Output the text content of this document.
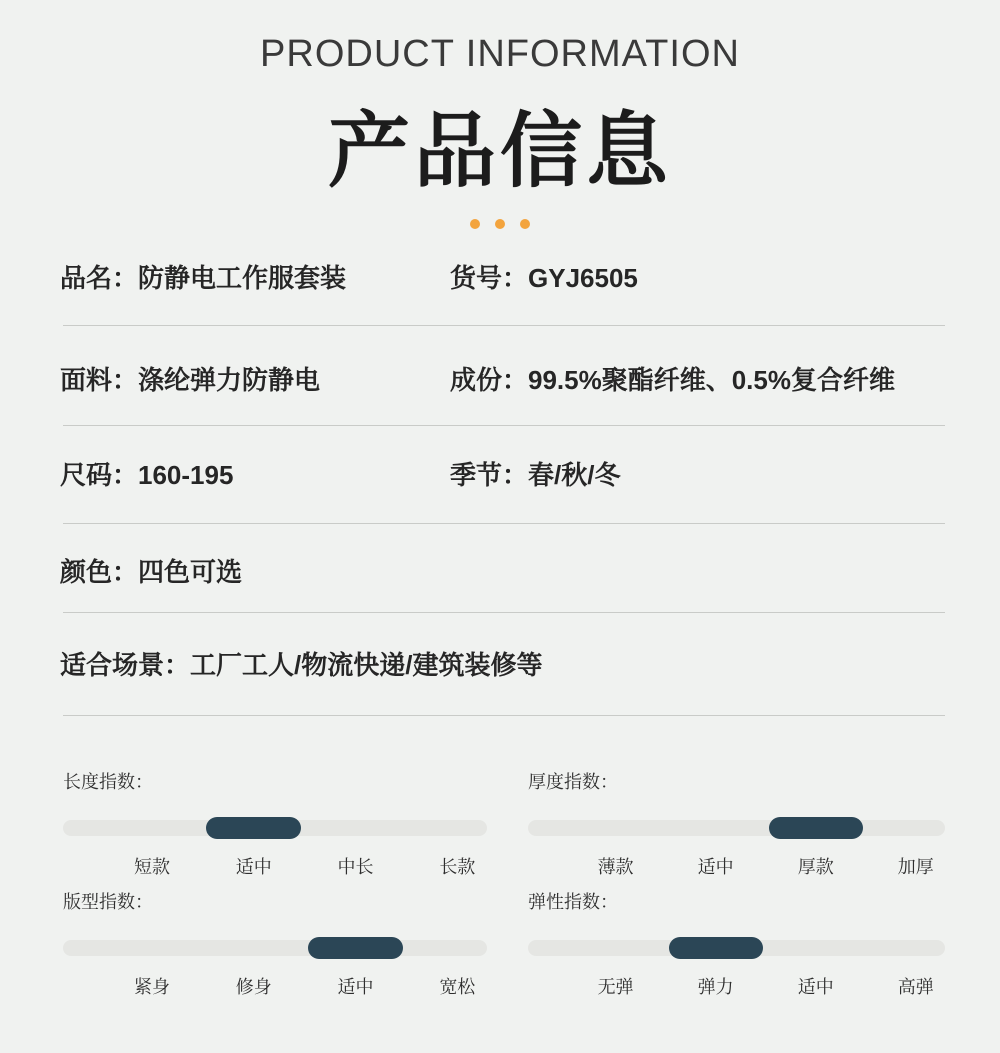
PRODUCT INFORMATION
产品信息
品名：防静电工作服套装	货号：GYJ6505
面料：涤纶弹力防静电	成份：99.5%聚酯纤维、0.5%复合纤维
尺码：160-195	季节：春/秋/冬
颜色：四色可选
适合场景：工厂工人/物流快递/建筑装修等
长度指数：
短款	适中	中长	长款
厚度指数：
薄款	适中	厚款	加厚
版型指数：
紧身	修身	适中	宽松
弹性指数：
无弹	弹力	适中	高弹
